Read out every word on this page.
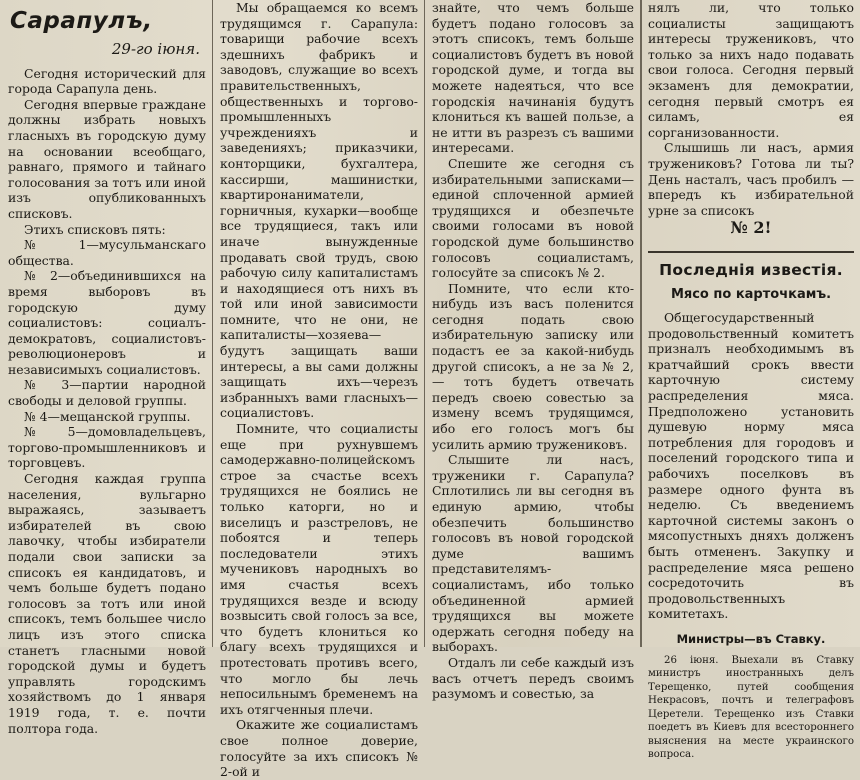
Сарапулъ,
29-го іюня.

Сегодня исторический для города Сарапула день.

Сегодня впервые граждане должны избрать новыхъ гласныхъ въ городскую думу на основании всеобщаго, равнаго, прямого и тайнаго голосования за тотъ или иной изъ опубликованныхъ списковъ.

Этихъ списковъ пять:

№ 1—мусульманскаго общества.

№ 2—объединившихся на время выборовъ въ городскую думу социалистовъ: социалъ-демократовъ, социалистовъ-революционеровъ и независимыхъ социалистовъ.

№ 3—партии народной свободы и деловой группы.

№ 4—мещанской группы.

№ 5—домовладельцевъ, торгово-промышленниковъ и торговцевъ.

Сегодня каждая группа населения, вульгарно выражаясь, зазываетъ избирателей въ свою лавочку, чтобы избиратели подали свои записки за списокъ ея кандидатовъ, и чемъ больше будетъ подано голосовъ за тотъ или иной списокъ, темъ большее число лицъ изъ этого списка станетъ гласными новой городской думы и будетъ управлять городскимъ хозяйствомъ до 1 января 1919 года, т. е. почти полтора года.

Мы обращаемся ко всемъ трудящимся г. Сарапула: товарищи рабочие всехъ здешнихъ фабрикъ и заводовъ, служащие во всехъ правительственныхъ, общественныхъ и торгово-промышленныхъ учрежденияхъ и заведенияхъ; приказчики, конторщики, бухгалтера, кассирши, машинистки, квартиронаниматели, горничныя, кухарки—вообще все трудящиеся, такъ или иначе вынужденные продавать свой трудъ, свою рабочую силу капиталистамъ и находящиеся отъ нихъ въ той или иной зависимости помните, что не они, не капиталисты—хозяева—будутъ защищать ваши интересы, а вы сами должны защищать ихъ—черезъ избранныхъ вами гласныхъ—социалистовъ.

Помните, что социалисты еще при рухнувшемъ самодержавно-полицейскомъ строе за счастье всехъ трудящихся не боялись не только каторги, но и виселицъ и разстреловъ, не побоятся и теперь последователи этихъ мучениковъ народныхъ во имя счастья всехъ трудящихся везде и всюду возвысить свой голосъ за все, что будетъ клониться ко благу всехъ трудящихся и протестовать противъ всего, что могло бы лечь непосильнымъ бременемъ на ихъ отягченныя плечи.

Окажите же социалистамъ свое полное доверие, голосуйте за ихъ списокъ № 2-ой и

знайте, что чемъ больше будетъ подано голосовъ за этотъ списокъ, темъ больше социалистовъ будетъ въ новой городской думе, и тогда вы можете надеяться, что все городскія начинанія будутъ клониться къ вашей пользе, а не итти въ разрезъ съ вашими интересами.

Спешите же сегодня съ избирательными записками—единой сплоченной армией трудящихся и обезпечьте своими голосами въ новой городской думе большинство голосовъ социалистамъ, голосуйте за списокъ № 2.

Помните, что если кто-нибудь изъ васъ поленится сегодня подать свою избирательную записку или подастъ ее за какой-нибудь другой списокъ, а не за № 2, — тотъ будетъ отвечать передъ своею совестью за измену всемъ трудящимся, ибо его голосъ могъ бы усилить армию тружениковъ.

Слышите ли насъ, труженики г. Сарапула? Сплотились ли вы сегодня въ единую армию, чтобы обезпечить большинство голосовъ въ новой городской думе вашимъ представителямъ-социалистамъ, ибо только объединенной армией трудящихся вы можете одержать сегодня победу на выборахъ.

Отдалъ ли себе каждый изъ васъ отчетъ передъ своимъ разумомъ и совестью, за

нялъ ли, что только социалисты защищаютъ интересы тружениковъ, что только за нихъ надо подавать свои голоса. Сегодня первый экзаменъ для демократии, сегодня первый смотръ ея силамъ, ея сорганизованности.

Слышишь ли насъ, армия тружениковъ? Готова ли ты? День насталъ, часъ пробилъ — впередъ къ избирательной урне за списокъ

№ 2!
Последнія известія.
Мясо по карточкамъ.

Общегосударственный продовольственный комитетъ призналъ необходимымъ въ кратчайший срокъ ввести карточную систему распределения мяса. Предположено установить душевую норму мяса потребления для городовъ и поселений городского типа и рабочихъ поселковъ въ размере одного фунта въ неделю. Съ введениемъ карточной системы законъ о мясопустныхъ дняхъ долженъ быть отмененъ. Закупку и распределение мяса решено сосредоточить въ продовольственныхъ комитетахъ.

Министры—въ Ставку.

26 іюня. Выехали въ Ставку министръ иностранныхъ делъ Терещенко, путей сообщения Некрасовъ, почтъ и телеграфовъ Церетели. Терещенко изъ Ставки поедетъ въ Киевъ для всестороннего выяснения на месте украинского вопроса.
